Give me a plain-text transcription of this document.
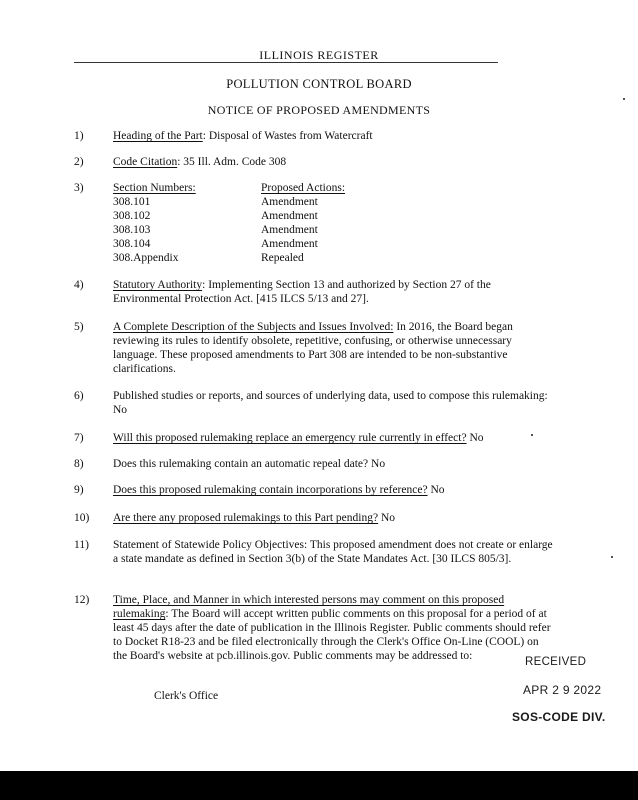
ILLINOIS REGISTER
POLLUTION CONTROL BOARD
NOTICE OF PROPOSED AMENDMENTS
1)	Heading of the Part: Disposal of Wastes from Watercraft
2)	Code Citation: 35 Ill. Adm. Code 308
3)	Section Numbers:	Proposed Actions:
308.101	Amendment
308.102	Amendment
308.103	Amendment
308.104	Amendment
308.Appendix	Repealed
4)	Statutory Authority: Implementing Section 13 and authorized by Section 27 of the Environmental Protection Act. [415 ILCS 5/13 and 27].
5)	A Complete Description of the Subjects and Issues Involved: In 2016, the Board began reviewing its rules to identify obsolete, repetitive, confusing, or otherwise unnecessary language. These proposed amendments to Part 308 are intended to be non-substantive clarifications.
6)	Published studies or reports, and sources of underlying data, used to compose this rulemaking: No
7)	Will this proposed rulemaking replace an emergency rule currently in effect? No
8)	Does this rulemaking contain an automatic repeal date? No
9)	Does this proposed rulemaking contain incorporations by reference? No
10)	Are there any proposed rulemakings to this Part pending? No
11)	Statement of Statewide Policy Objectives: This proposed amendment does not create or enlarge a state mandate as defined in Section 3(b) of the State Mandates Act. [30 ILCS 805/3].
12)	Time, Place, and Manner in which interested persons may comment on this proposed rulemaking: The Board will accept written public comments on this proposal for a period of at least 45 days after the date of publication in the Illinois Register. Public comments should refer to Docket R18-23 and be filed electronically through the Clerk's Office On-Line (COOL) on the Board's website at pcb.illinois.gov. Public comments may be addressed to:
Clerk's Office
RECEIVED
APR 2 9 2022
SOS-CODE DIV.
